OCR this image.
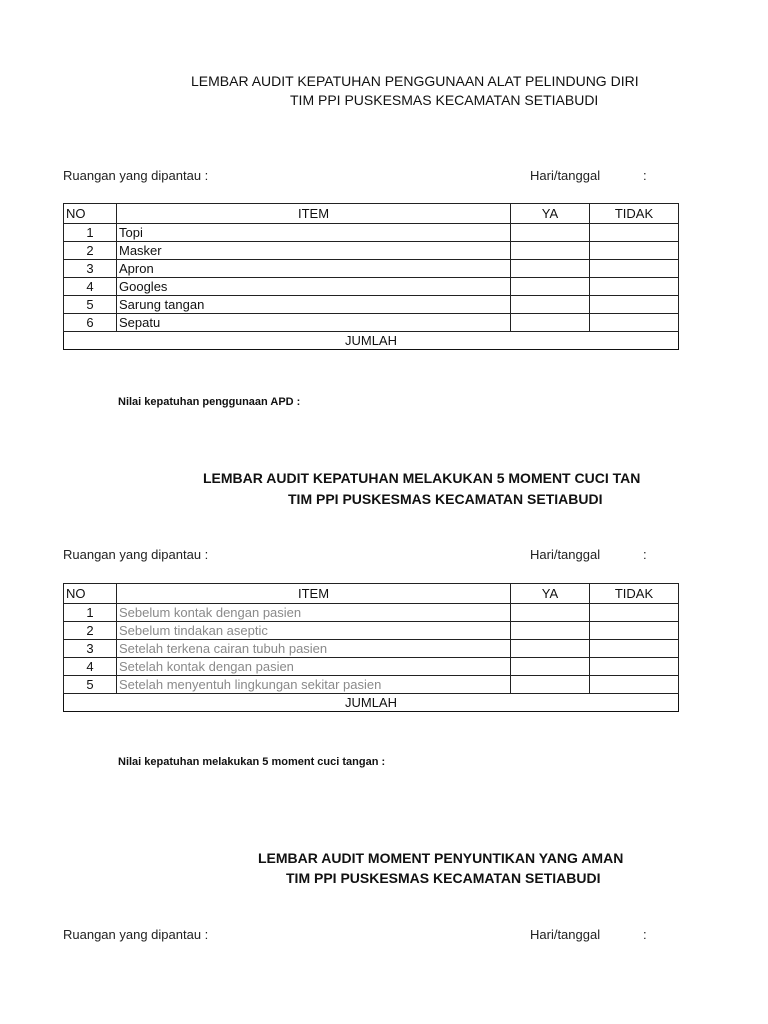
LEMBAR AUDIT KEPATUHAN PENGGUNAAN ALAT PELINDUNG DIRI
TIM PPI PUSKESMAS KECAMATAN SETIABUDI
Ruangan yang dipantau :	Hari/tanggal	:
NO	ITEM	YA	TIDAK
1	Topi		
2	Masker		
3	Apron		
4	Googles		
5	Sarung tangan		
6	Sepatu		
JUMLAH			
Nilai kepatuhan penggunaan APD :
LEMBAR AUDIT KEPATUHAN MELAKUKAN 5 MOMENT CUCI TAN
TIM PPI PUSKESMAS KECAMATAN SETIABUDI
Ruangan yang dipantau :	Hari/tanggal	:
NO	ITEM	YA	TIDAK
1	Sebelum kontak dengan pasien		
2	Sebelum tindakan aseptic		
3	Setelah terkena cairan tubuh pasien		
4	Setelah kontak dengan pasien		
5	Setelah menyentuh lingkungan sekitar pasien		
JUMLAH			
Nilai kepatuhan melakukan 5 moment cuci tangan :
LEMBAR AUDIT MOMENT PENYUNTIKAN YANG AMAN
TIM PPI PUSKESMAS KECAMATAN SETIABUDI
Ruangan yang dipantau :	Hari/tanggal	:
